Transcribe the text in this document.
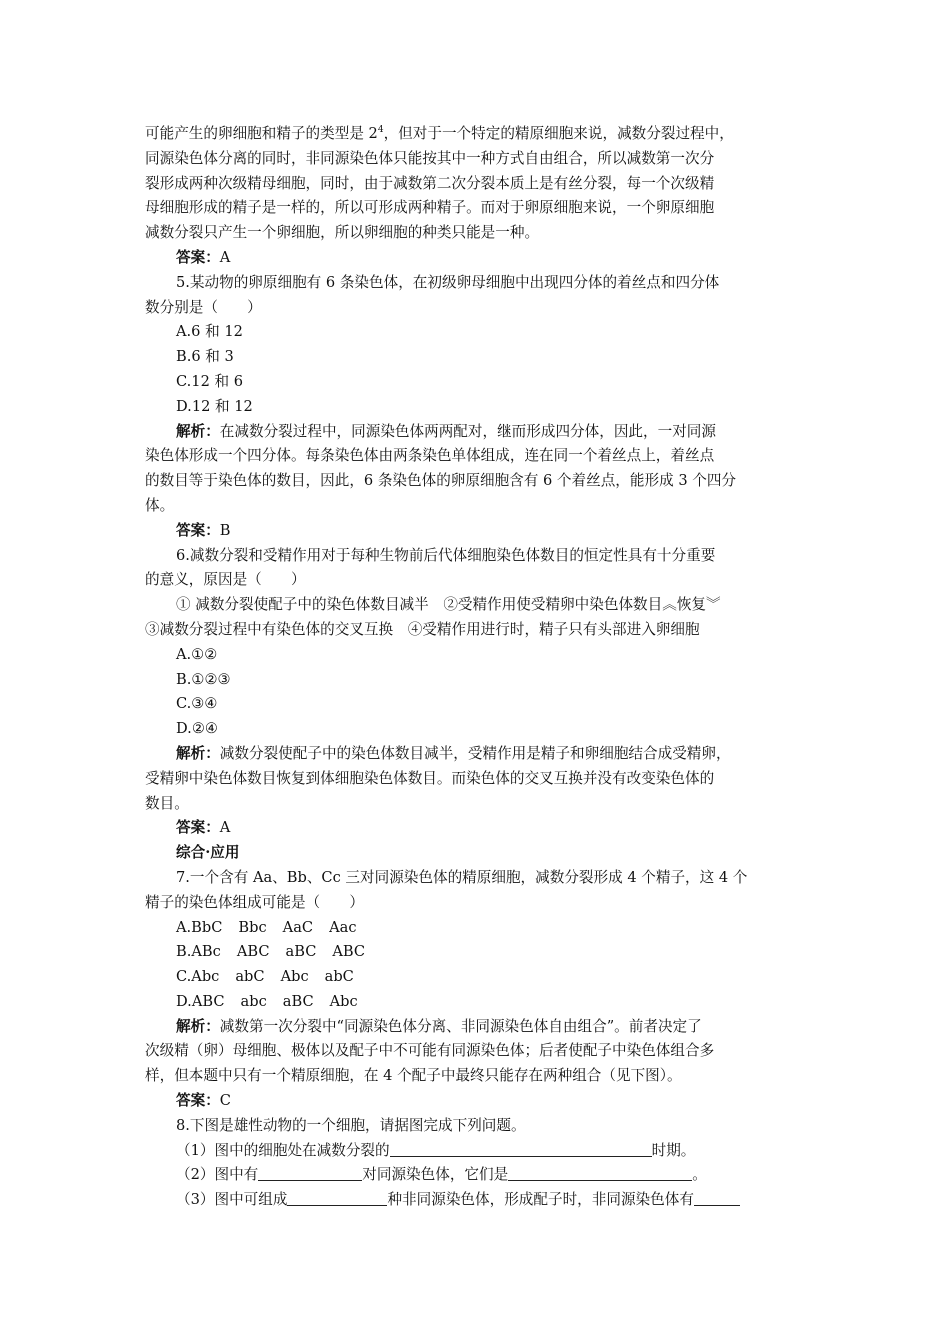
可能产生的卵细胞和精子的类型是 $2^4$，但对于一个特定的精原细胞来说，减数分裂过程中，
同源染色体分离的同时，非同源染色体只能按其中一种方式自由组合，所以减数第一次分
裂形成两种次级精母细胞，同时，由于减数第二次分裂本质上是有丝分裂，每一个次级精
母细胞形成的精子是一样的，所以可形成两种精子。而对于卵原细胞来说，一个卵原细胞
减数分裂只产生一个卵细胞，所以卵细胞的种类只能是一种。
答案：A
5.某动物的卵原细胞有 6 条染色体，在初级卵母细胞中出现四分体的着丝点和四分体
数分别是（　　）
A.6 和 12
B.6 和 3
C.12 和 6
D.12 和 12
解析：在减数分裂过程中，同源染色体两两配对，继而形成四分体，因此，一对同源
染色体形成一个四分体。每条染色体由两条染色单体组成，连在同一个着丝点上，着丝点
的数目等于染色体的数目，因此，6 条染色体的卵原细胞含有 6 个着丝点，能形成 3 个四分
体。
答案：B
6.减数分裂和受精作用对于每种生物前后代体细胞染色体数目的恒定性具有十分重要
的意义，原因是（　　）
① 减数分裂使配子中的染色体数目减半　②受精作用使受精卵中染色体数目︽恢复︾
③减数分裂过程中有染色体的交叉互换　④受精作用进行时，精子只有头部进入卵细胞
A.①②
B.①②③
C.③④
D.②④
解析：减数分裂使配子中的染色体数目减半，受精作用是精子和卵细胞结合成受精卵，
受精卵中染色体数目恢复到体细胞染色体数目。而染色体的交叉互换并没有改变染色体的
数目。
答案：A
综合·应用
7.一个含有 Aa、Bb、Cc 三对同源染色体的精原细胞，减数分裂形成 4 个精子，这 4 个
精子的染色体组成可能是（　　）
A.BbC Bbc AaC Aac
B.ABc ABC aBC ABC
C.Abc abC Abc abC
D.ABC abc aBC Abc
解析：减数第一次分裂中“同源染色体分离、非同源染色体自由组合”。前者决定了
次级精（卵）母细胞、极体以及配子中不可能有同源染色体；后者使配子中染色体组合多
样，但本题中只有一个精原细胞，在 4 个配子中最终只能存在两种组合（见下图）。
答案：C
8.下图是雄性动物的一个细胞，请据图完成下列问题。
（1）图中的细胞处在减数分裂的	时期。
（2）图中有	对同源染色体，它们是	。
（3）图中可组成	种非同源染色体，形成配子时，非同源染色体有
